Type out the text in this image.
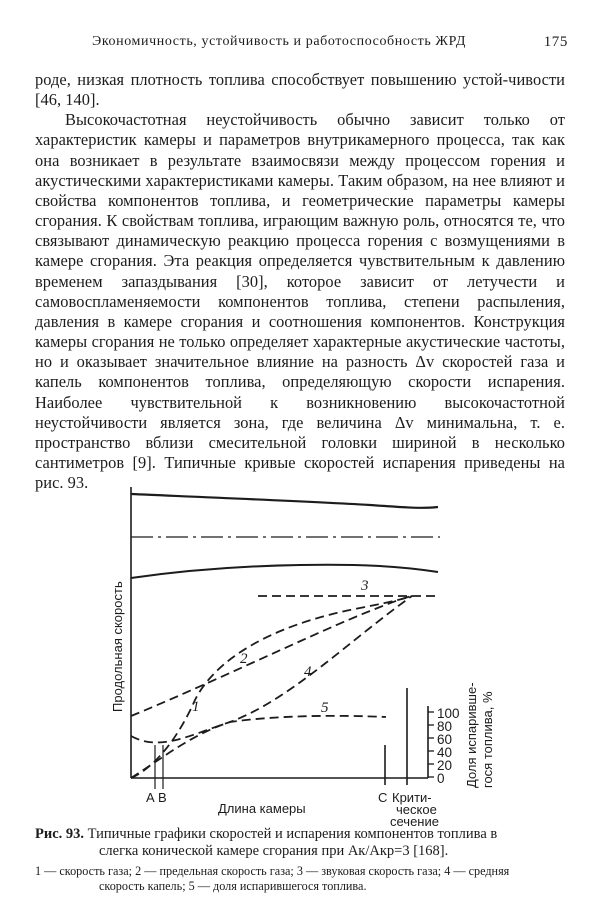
Экономичность, устойчивость и работоспособность ЖРД	175

роде, низкая плотность топлива способствует повышению устой-чивости [46, 140].

Высокочастотная неустойчивость обычно зависит только от характеристик камеры и параметров внутрикамерного процесса, так как она возникает в результате взаимосвязи между процессом горения и акустическими характеристиками камеры. Таким образом, на нее влияют и свойства компонентов топлива, и геометрические параметры камеры сгорания. К свойствам топлива, играющим важную роль, относятся те, что связывают динамическую реакцию процесса горения с возмущениями в камере сгорания. Эта реакция определяется чувствительным к давлению временем запаздывания [30], которое зависит от летучести и самовоспламеняемости компонентов топлива, степени распыления, давления в камере сгорания и соотношения компонентов. Конструкция камеры сгорания не только определяет характерные акустические частоты, но и оказывает значительное влияние на разность Δv скоростей газа и капель компонентов топлива, определяющую скорости испарения. Наиболее чувствительной к возникновению высокочастотной неустойчивости является зона, где величина Δv минимальна, т. е. пространство вблизи смесительной головки шириной в несколько сантиметров [9]. Типичные кривые скоростей испарения приведены на рис. 93.

100
80
60
40
20
0 Доля испаривше- гося топлива, %
Продольная скорость	1
2
3
4
5
A B	C Крити-
ческое
сечение
Длина камеры
Рис. 93. Типичные графики скоростей и испарения компонентов топлива в
слегка конической камере сгорания при Aк/Aкр=3 [168].
1 — скорость газа; 2 — предельная скорость газа; 3 — звуковая скорость газа; 4 — средняя
скорость капель; 5 — доля испарившегося топлива.
